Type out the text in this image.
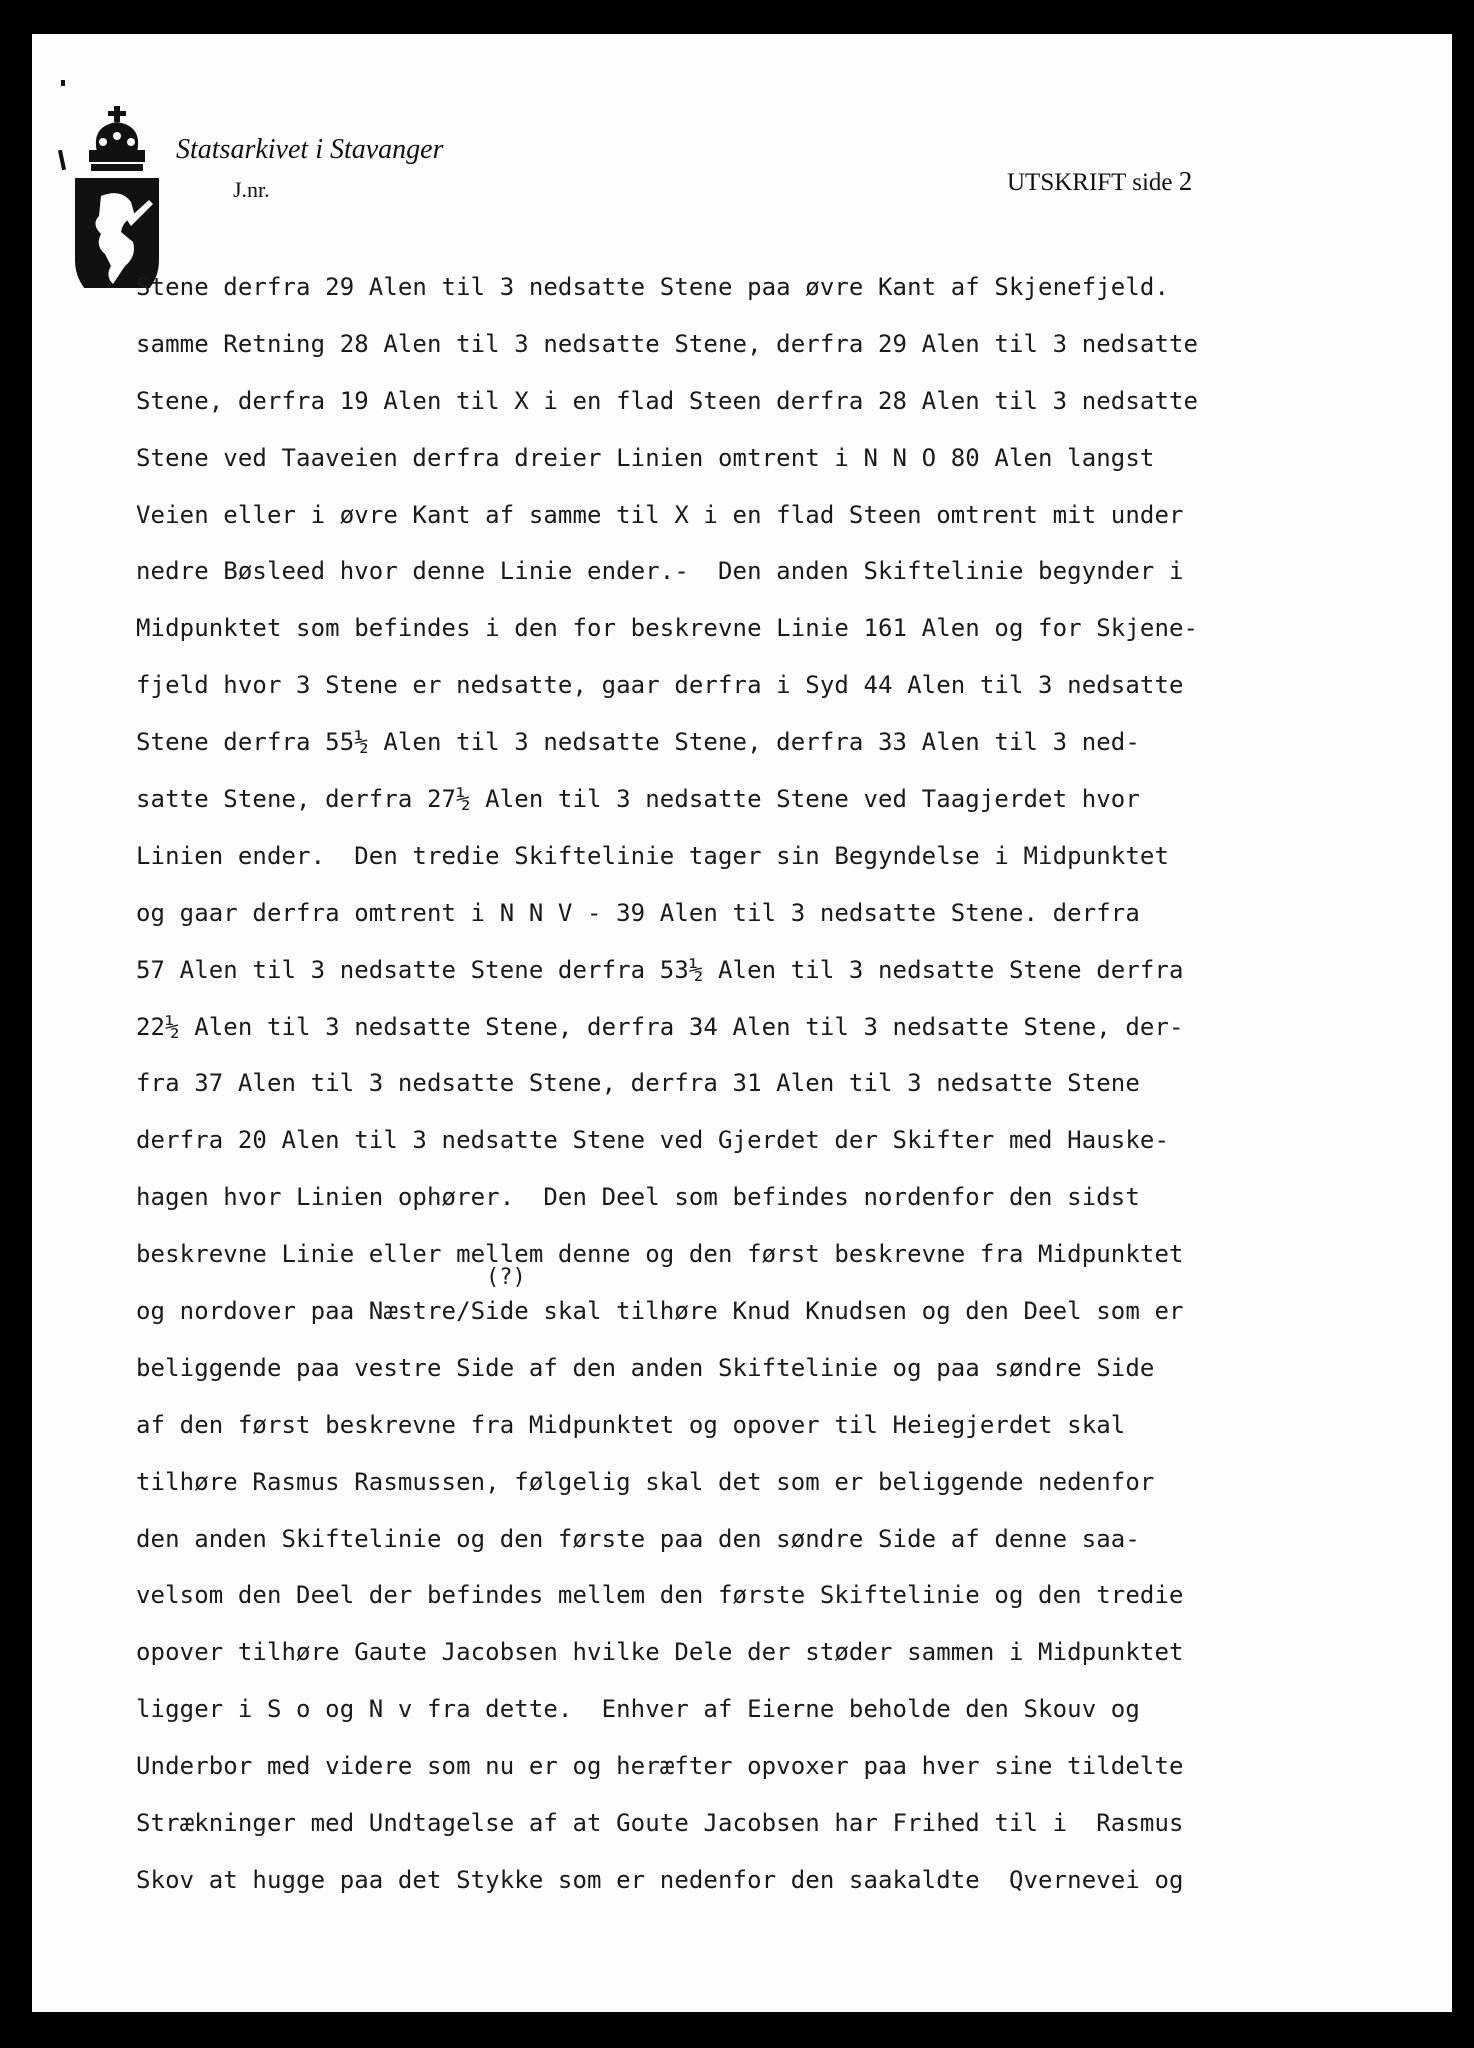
Statsarkivet i Stavanger
J.nr.	UTSKRIFT side 2
(?)
Stene derfra 29 Alen til 3 nedsatte Stene paa øvre Kant af Skjenefjeld.
samme Retning 28 Alen til 3 nedsatte Stene, derfra 29 Alen til 3 nedsatte
Stene, derfra 19 Alen til X i en flad Steen derfra 28 Alen til 3 nedsatte
Stene ved Taaveien derfra dreier Linien omtrent i N N O 80 Alen langst
Veien eller i øvre Kant af samme til X i en flad Steen omtrent mit under
nedre Bøsleed hvor denne Linie ender.-  Den anden Skiftelinie begynder i
Midpunktet som befindes i den for beskrevne Linie 161 Alen og for Skjene-
fjeld hvor 3 Stene er nedsatte, gaar derfra i Syd 44 Alen til 3 nedsatte
Stene derfra 55½ Alen til 3 nedsatte Stene, derfra 33 Alen til 3 ned-
satte Stene, derfra 27½ Alen til 3 nedsatte Stene ved Taagjerdet hvor
Linien ender.  Den tredie Skiftelinie tager sin Begyndelse i Midpunktet
og gaar derfra omtrent i N N V - 39 Alen til 3 nedsatte Stene. derfra
57 Alen til 3 nedsatte Stene derfra 53½ Alen til 3 nedsatte Stene derfra
22½ Alen til 3 nedsatte Stene, derfra 34 Alen til 3 nedsatte Stene, der-
fra 37 Alen til 3 nedsatte Stene, derfra 31 Alen til 3 nedsatte Stene
derfra 20 Alen til 3 nedsatte Stene ved Gjerdet der Skifter med Hauske-
hagen hvor Linien ophører.  Den Deel som befindes nordenfor den sidst
beskrevne Linie eller mellem denne og den først beskrevne fra Midpunktet
og nordover paa Næstre/Side skal tilhøre Knud Knudsen og den Deel som er
beliggende paa vestre Side af den anden Skiftelinie og paa søndre Side
af den først beskrevne fra Midpunktet og opover til Heiegjerdet skal
tilhøre Rasmus Rasmussen, følgelig skal det som er beliggende nedenfor
den anden Skiftelinie og den første paa den søndre Side af denne saa-
velsom den Deel der befindes mellem den første Skiftelinie og den tredie
opover tilhøre Gaute Jacobsen hvilke Dele der støder sammen i Midpunktet
ligger i S o og N v fra dette.  Enhver af Eierne beholde den Skouv og
Underbor med videre som nu er og heræfter opvoxer paa hver sine tildelte
Strækninger med Undtagelse af at Goute Jacobsen har Frihed til i  Rasmus
Skov at hugge paa det Stykke som er nedenfor den saakaldte  Qvernevei og
